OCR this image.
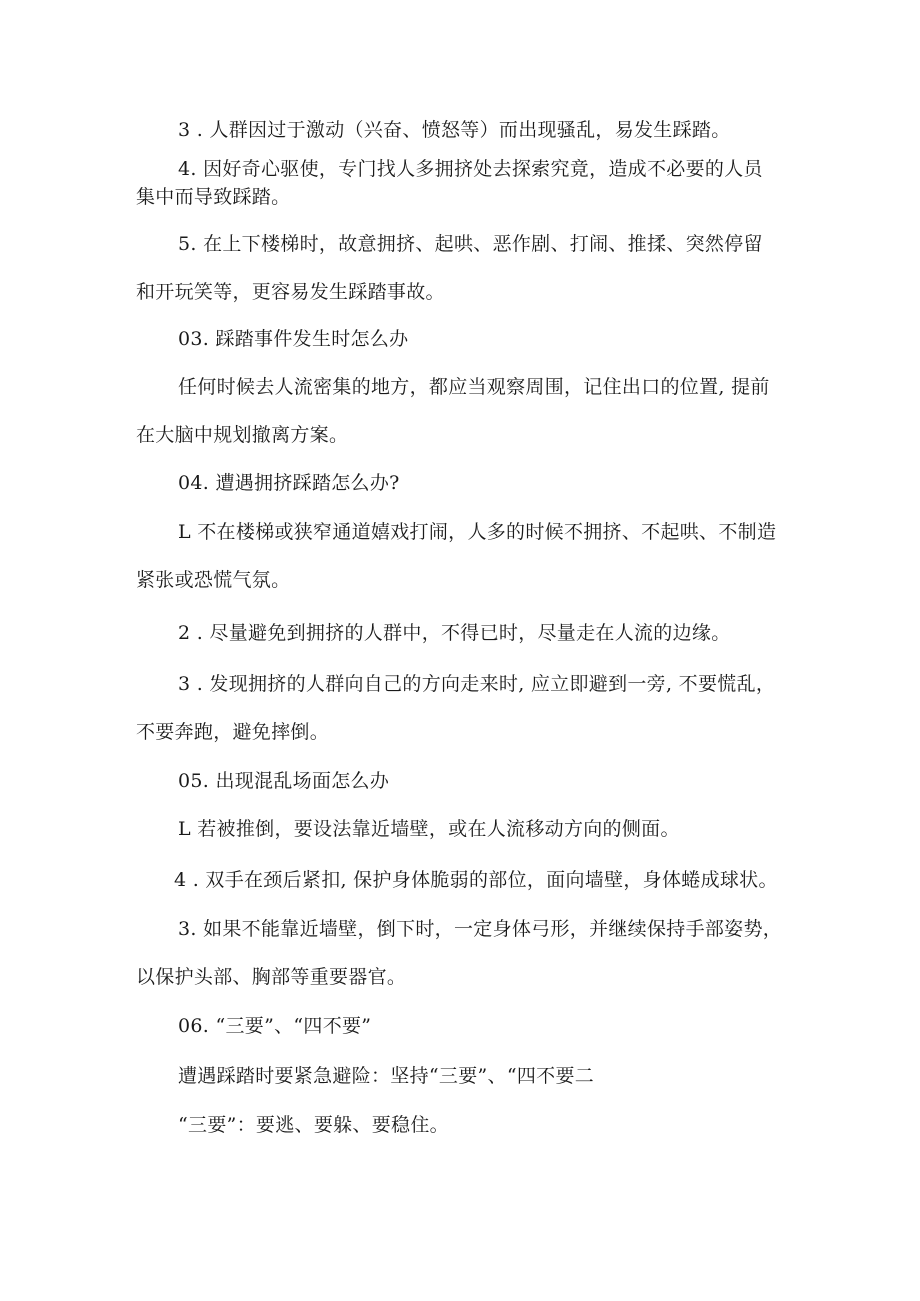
3 . 人群因过于激动（兴奋、愤怒等）而出现骚乱，易发生踩踏。
4. 因好奇心驱使，专门找人多拥挤处去探索究竟，造成不必要的人员
集中而导致踩踏。
5. 在上下楼梯时，故意拥挤、起哄、恶作剧、打闹、推揉、突然停留
和开玩笑等，更容易发生踩踏事故。
03. 踩踏事件发生时怎么办
任何时候去人流密集的地方，都应当观察周围，记住出口的位置, 提前
在大脑中规划撤离方案。
04. 遭遇拥挤踩踏怎么办?
L 不在楼梯或狭窄通道嬉戏打闹，人多的时候不拥挤、不起哄、不制造
紧张或恐慌气氛。
2 . 尽量避免到拥挤的人群中，不得已时，尽量走在人流的边缘。
3 . 发现拥挤的人群向自己的方向走来时, 应立即避到一旁, 不要慌乱，
不要奔跑，避免摔倒。
05. 出现混乱场面怎么办
L 若被推倒，要设法靠近墙壁，或在人流移动方向的侧面。
4 . 双手在颈后紧扣, 保护身体脆弱的部位，面向墙壁，身体蜷成球状。
3. 如果不能靠近墙壁，倒下时，一定身体弓形，并继续保持手部姿势，
以保护头部、胸部等重要器官。
06. “三要”、“四不要”
遭遇踩踏时要紧急避险：坚持“三要”、“四不要二
“三要”：要逃、要躲、要稳住。
